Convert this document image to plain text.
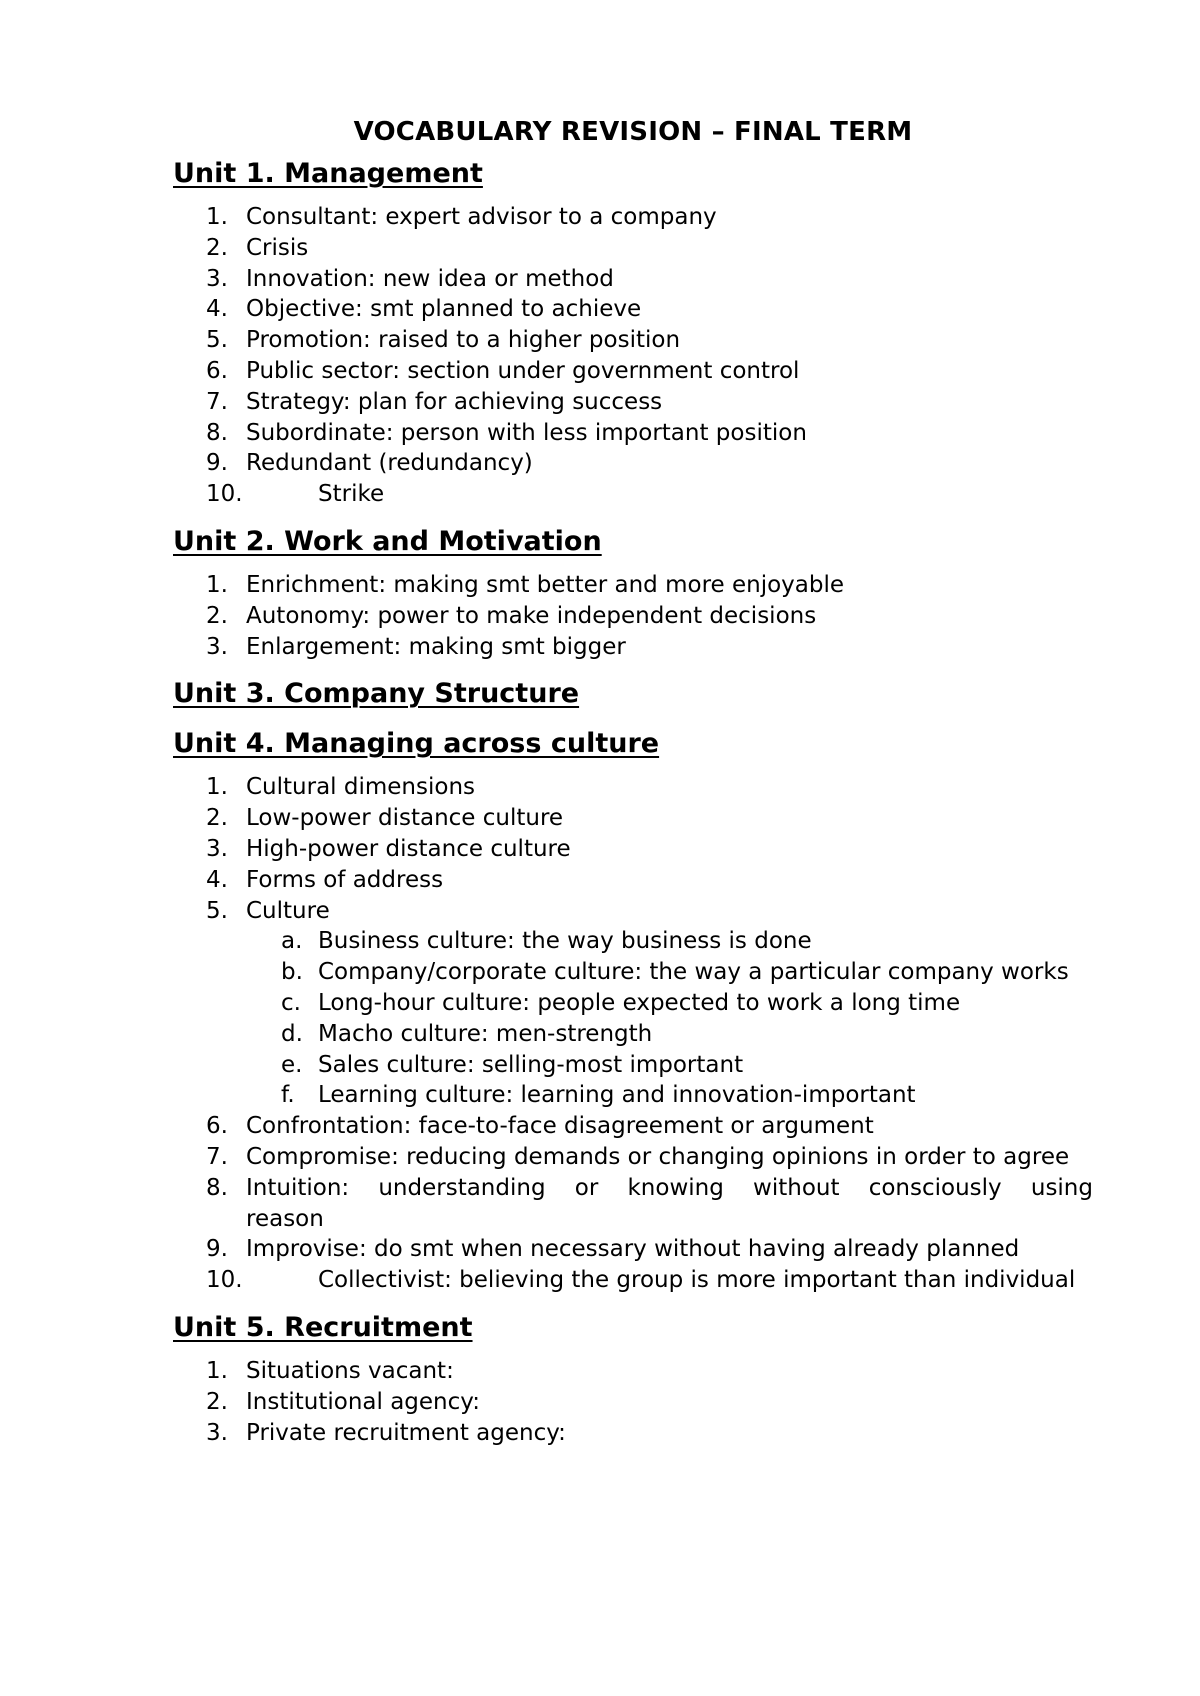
VOCABULARY REVISION – FINAL TERM
Unit 1. Management
1. Consultant: expert advisor to a company
2. Crisis
3. Innovation: new idea or method
4. Objective: smt planned to achieve
5. Promotion: raised to a higher position
6. Public sector: section under government control
7. Strategy: plan for achieving success
8. Subordinate: person with less important position
9. Redundant (redundancy)
10.	Strike
Unit 2. Work and Motivation
1. Enrichment: making smt better and more enjoyable
2. Autonomy: power to make independent decisions
3. Enlargement: making smt bigger
Unit 3. Company Structure
Unit 4. Managing across culture
1. Cultural dimensions
2. Low-power distance culture
3. High-power distance culture
4. Forms of address
5. Culture
a. Business culture: the way business is done
b. Company/corporate culture: the way a particular company works
c. Long-hour culture: people expected to work a long time
d. Macho culture: men-strength
e. Sales culture: selling-most important
f. Learning culture: learning and innovation-important
6. Confrontation: face-to-face disagreement or argument
7. Compromise: reducing demands or changing opinions in order to agree
8. Intuition: understanding or knowing without consciously using reason
9. Improvise: do smt when necessary without having already planned
10.	Collectivist: believing the group is more important than individual
Unit 5. Recruitment
1. Situations vacant:
2. Institutional agency:
3. Private recruitment agency:
